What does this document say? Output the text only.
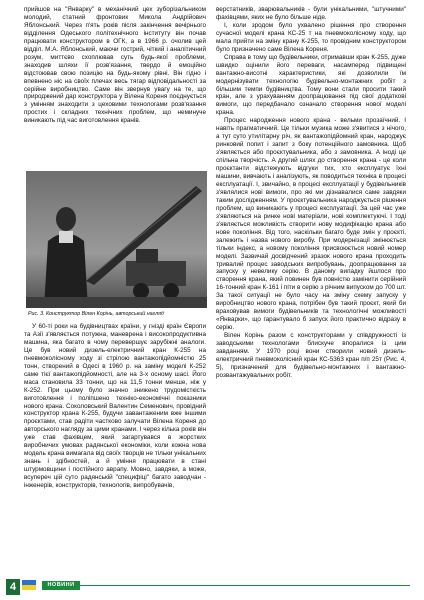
прийшов на "Январку" в механічний цех зуборізальником молодий, статний фронтовик Микола Андрійович Яблонський. Через п'ять років після закінчення вечірнього відділення Одеського політехнічного інституту він почав працювати конструктором в ОГК, а в 1966 р. очолив цей відділ. М.А. Яблонський, маючи гострий, чіткий і аналітичний розум, миттєво схоплював суть будь-якої проблеми, знаходив шляхи її розв'язання, твердо й емоційно відстоював свою позицію на будь-якому рівні. Він гідно і впевнено ніс на своїх плечах весь тягар відповідальності за серійне виробництво. Саме він звернув увагу на те, що природжений дар конструктора у Віленa Кореня поєднується з умінням знаходити з цеховими технологами розв'язання простих і складних технічних проблем, що неминуче виникають під час виготовлення кранів.

Рис. 3. Конструктор Вілен Корінь, авторський нагляд

У 60-ті роки на будівництвах країни, у гнізді країн Європи та Азії з'являється потужна, маневрена і високопродуктивна машина, яка багато в чому перевершує зарубіжні аналоги. Це був новий дизель-електричний кран К-255 на пневмоколісному ходу зі стрілою вантажопідйомністю 25 тонн, створений в Одесі в 1960 р. на заміну моделі К-252 саме тієї вантажопідйомності, але на 3-х осному шасі. Його маса становила 33 тонни, що на 11,5 тонни менше, ніж у К-252. При цьому було значно знижено трудомісткість виготовлення і поліпшено техніко-економічні показники нового крана. Соколовський Валентин Семенович, провідний конструктор крана К-255, будучи завантаженим вже іншими проєктами, став радіти частково залучати Вілена Кореня до авторського нагляду за цими кранами. І через кілька років він уже став фахівцем, який загартувався в жорстких виробничих умовах радянської економіки, коли кожна нова модель крана вимагала від своїх творців не тільки унікальних знань і здібностей, а й уміння працювати в стані штурмовщини і постійного аврапу. Мовно, завдяки, а може, всупереч цій суто радянській "специфіці" багато заводчан - інженерів, конструкторів, технологів, випробувачів,

верстатників, зварювальників - були унікальними, "штучними" фахівцями, яких не було більше ніде.

І, коли зродом було ухвалено рішення про створення сучасної моделі крана КС-25 т на пневмоколісному ходу, що мала прийти на зміну крану К-255, то провідним конструктором було призначено саме Вілена Кореня.

Справа в тому що будівельники, отримавши кран К-255, дуже швидко оцінили його переваги, насамперед підвищені вантажно-висотні характеристики, які дозволили їм модернізувати технологію будівельно-монтажних робіт з більшим темпи будівництва. Тому вони стали просити такий кран, але з урахуванням доопрацювання під свої додаткові вимоги, що передбачало означало створення нової моделі крана.

Процес народження нового крана - вельми прозаїчний. І навіть прагматичний. Це тільки музика може з'явитися з нічого, а тут суто утилітарну річ, як вантажопідйомний кран, народжує ринковий попит і запит з боку потенційного замовника. Щоб з'являється або проєктувальника, або з замовника. А іноді це спільна творчість. А другий шлях до створення крана - це коли проєктанти відстежують відгуки тих, хто експлуатує їхні машини, вивчають і аналізують, як поводиться техніка в процесі експлуатації. І, звичайно, в процесі експлуатації у будівельників з'являлися нові вимоги, про які ми дізнавалися саме завдяки таким дослідженням. У проєктувальника народжується рішення проблем, що виникають у процесі експлуатації. За цей час уже з'являються на ринке нові матеріали, нові комплектуючі. І тоді з'являється можливість створити нову модифікацію крана або нове покоління. Від того, наскільки багато буде змін у проєкті, залежить і назва нового виробу. При модернізації змінюється тільки індекс, а новому покоління присвоюється новий номер моделі. Зазвичай досвідчений зразок нового крана проходить тривалий процес заводських випробувань, доопрацювання за запуску у невелику серію. В даному випадку йшлося про створення крана, який повинен був повністю замінити серійний 16-тонний кран К-161 і піти в серію з річним випуском до 700 шт. За такої ситуації не було часу на зміну схему запуску у виробництво нового крана, потрібен був такий проєкт, який би враховував вимоги будівельників та технологічні можливості «Январки», що гарантувало б запуск його практично відразу в серію.

Вілен Корінь разом с конструкторами у співдружності із заводськими технологами блискуче впоралися із цим завданням. У 1970 році вони створили новий дизель-електричний пневмоколісний кран КС-5363 кран п/п 25т (Рис. 4, 5), призначений для будівельно-монтажних і вантажно-розвантажувальних робіт.

4	НОВИНИ
